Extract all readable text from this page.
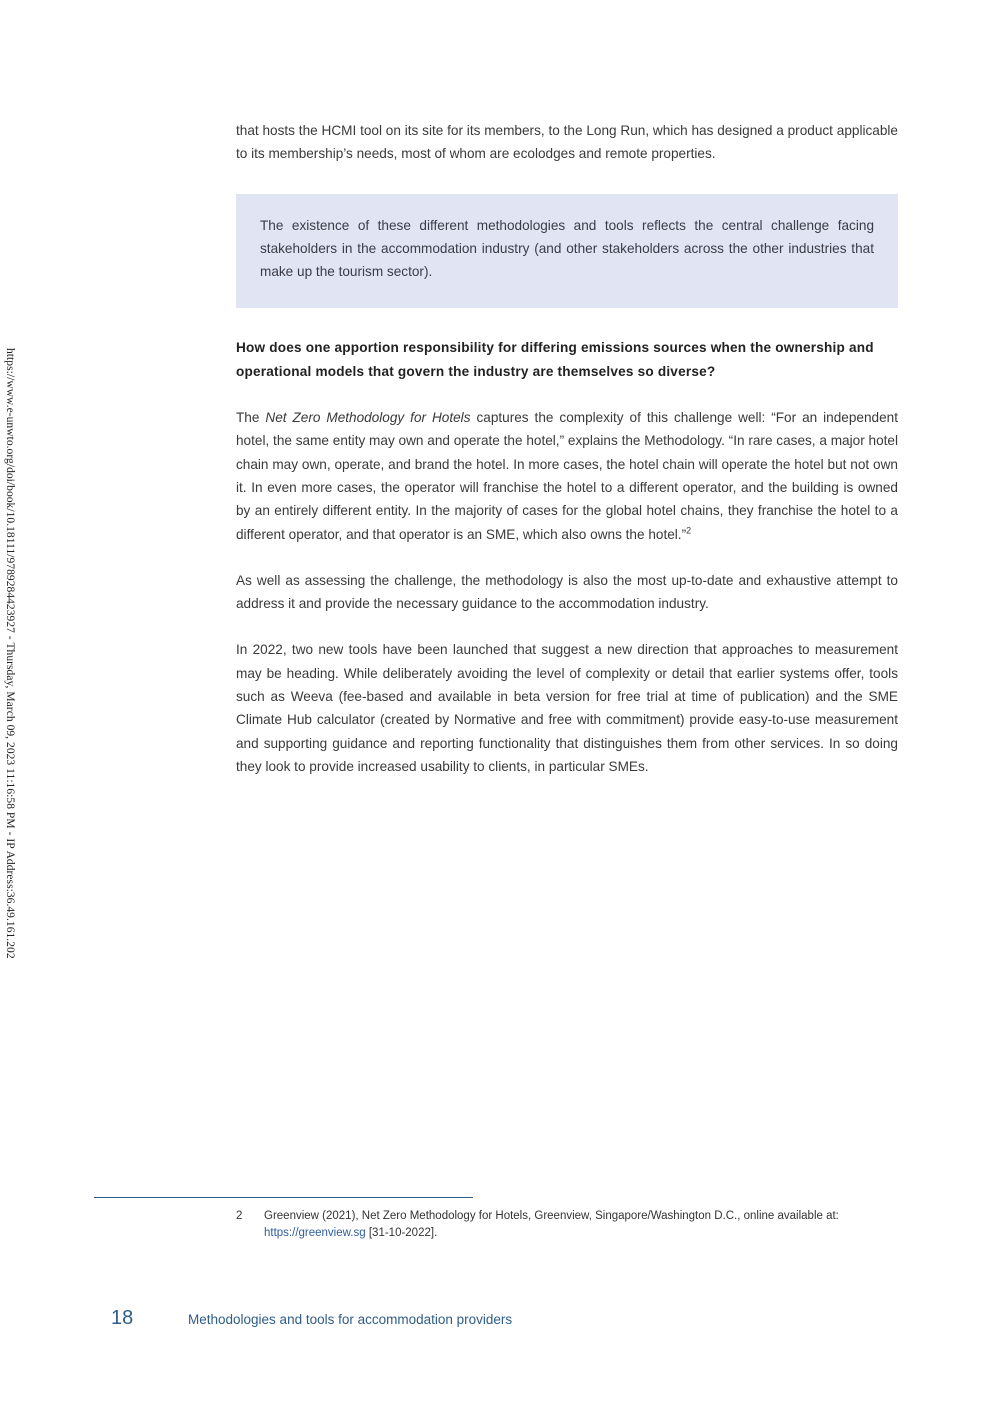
https://www.e-unwto.org/doi/book/10.18111/9789284423927 - Thursday, March 09, 2023 11:16:58 PM - IP Address:36.49.161.202

that hosts the HCMI tool on its site for its members, to the Long Run, which has designed a product applicable to its membership’s needs, most of whom are ecolodges and remote properties.

The existence of these different methodologies and tools reflects the central challenge facing stakeholders in the accommodation industry (and other stakeholders across the other industries that make up the tourism sector).

How does one apportion responsibility for differing emissions sources when the ownership and operational models that govern the industry are themselves so diverse?

The Net Zero Methodology for Hotels captures the complexity of this challenge well: “For an independent hotel, the same entity may own and operate the hotel,” explains the Methodology. “In rare cases, a major hotel chain may own, operate, and brand the hotel. In more cases, the hotel chain will operate the hotel but not own it. In even more cases, the operator will franchise the hotel to a different operator, and the building is owned by an entirely different entity. In the majority of cases for the global hotel chains, they franchise the hotel to a different operator, and that operator is an SME, which also owns the hotel.”$^2$

As well as assessing the challenge, the methodology is also the most up-to-date and exhaustive attempt to address it and provide the necessary guidance to the accommodation industry.

In 2022, two new tools have been launched that suggest a new direction that approaches to measurement may be heading. While deliberately avoiding the level of complexity or detail that earlier systems offer, tools such as Weeva (fee-based and available in beta version for free trial at time of publication) and the SME Climate Hub calculator (created by Normative and free with commitment) provide easy-to-use measurement and supporting guidance and reporting functionality that distinguishes them from other services. In so doing they look to provide increased usability to clients, in particular SMEs.

2 Greenview (2021), Net Zero Methodology for Hotels, Greenview, Singapore/Washington D.C., online available at: https://greenview.sg [31-10-2022].
18	Methodologies and tools for accommodation providers
